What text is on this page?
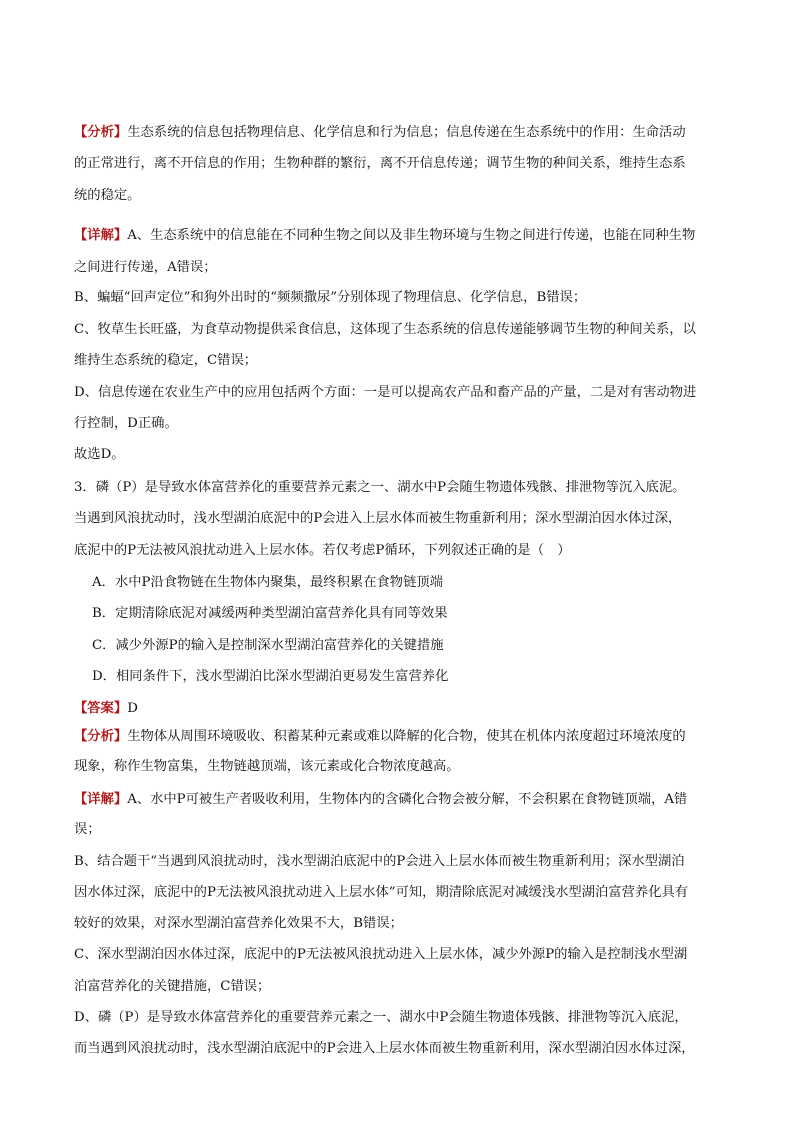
【分析】生态系统的信息包括物理信息、化学信息和行为信息；信息传递在生态系统中的作用：生命活动
的正常进行，离不开信息的作用；生物种群的繁衍，离不开信息传递；调节生物的种间关系，维持生态系
统的稳定。
【详解】A、生态系统中的信息能在不同种生物之间以及非生物环境与生物之间进行传递，也能在同种生物
之间进行传递，A错误；
B、蝙蝠“回声定位”和狗外出时的“频频撒尿”分别体现了物理信息、化学信息，B错误；
C、牧草生长旺盛，为食草动物提供采食信息，这体现了生态系统的信息传递能够调节生物的种间关系，以
维持生态系统的稳定，C错误；
D、信息传递在农业生产中的应用包括两个方面：一是可以提高农产品和畜产品的产量，二是对有害动物进
行控制，D正确。
故选D。
3．磷（P）是导致水体富营养化的重要营养元素之一、湖水中P会随生物遗体残骸、排泄物等沉入底泥。
当遇到风浪扰动时，浅水型湖泊底泥中的P会进入上层水体而被生物重新利用；深水型湖泊因水体过深，
底泥中的P无法被风浪扰动进入上层水体。若仅考虑P循环，下列叙述正确的是（　）
A．水中P沿食物链在生物体内聚集，最终积累在食物链顶端
B．定期清除底泥对减缓两种类型湖泊富营养化具有同等效果
C．减少外源P的输入是控制深水型湖泊富营养化的关键措施
D．相同条件下，浅水型湖泊比深水型湖泊更易发生富营养化
【答案】D
【分析】生物体从周围环境吸收、积蓄某种元素或难以降解的化合物，使其在机体内浓度超过环境浓度的
现象，称作生物富集，生物链越顶端，该元素或化合物浓度越高。
【详解】A、水中P可被生产者吸收利用，生物体内的含磷化合物会被分解，不会积累在食物链顶端，A错
误；
B、结合题干“当遇到风浪扰动时，浅水型湖泊底泥中的P会进入上层水体而被生物重新利用；深水型湖泊
因水体过深，底泥中的P无法被风浪扰动进入上层水体”可知，期清除底泥对减缓浅水型湖泊富营养化具有
较好的效果，对深水型湖泊富营养化效果不大，B错误；
C、深水型湖泊因水体过深，底泥中的P无法被风浪扰动进入上层水体，减少外源P的输入是控制浅水型湖
泊富营养化的关键措施，C错误；
D、磷（P）是导致水体富营养化的重要营养元素之一、湖水中P会随生物遗体残骸、排泄物等沉入底泥，
而当遇到风浪扰动时，浅水型湖泊底泥中的P会进入上层水体而被生物重新利用，深水型湖泊因水体过深，
